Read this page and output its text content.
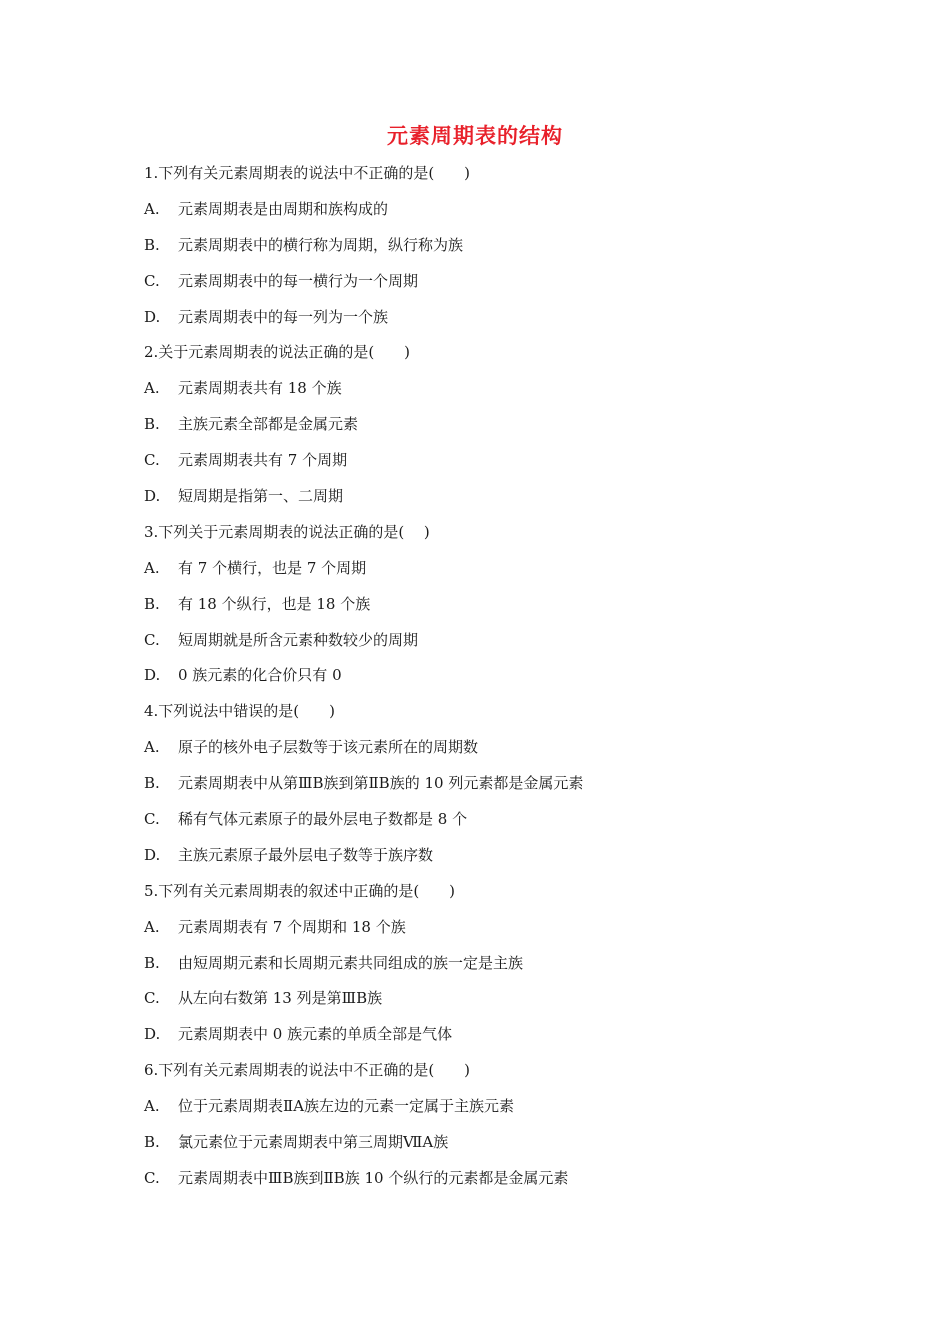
元素周期表的结构
1.下列有关元素周期表的说法中不正确的是(　　)
A. 元素周期表是由周期和族构成的
B. 元素周期表中的横行称为周期，纵行称为族
C. 元素周期表中的每一横行为一个周期
D. 元素周期表中的每一列为一个族
2.关于元素周期表的说法正确的是(　　)
A. 元素周期表共有 18 个族
B. 主族元素全部都是金属元素
C. 元素周期表共有 7 个周期
D. 短周期是指第一、二周期
3.下列关于元素周期表的说法正确的是(　 )
A. 有 7 个横行，也是 7 个周期
B. 有 18 个纵行，也是 18 个族
C. 短周期就是所含元素种数较少的周期
D. 0 族元素的化合价只有 0
4.下列说法中错误的是(　　)
A. 原子的核外电子层数等于该元素所在的周期数
B. 元素周期表中从第ⅢB族到第ⅡB族的 10 列元素都是金属元素
C. 稀有气体元素原子的最外层电子数都是 8 个
D. 主族元素原子最外层电子数等于族序数
5.下列有关元素周期表的叙述中正确的是(　　)
A. 元素周期表有 7 个周期和 18 个族
B. 由短周期元素和长周期元素共同组成的族一定是主族
C. 从左向右数第 13 列是第ⅢB族
D. 元素周期表中 0 族元素的单质全部是气体
6.下列有关元素周期表的说法中不正确的是(　　)
A. 位于元素周期表ⅡA族左边的元素一定属于主族元素
B. 氯元素位于元素周期表中第三周期ⅦA族
C. 元素周期表中ⅢB族到ⅡB族 10 个纵行的元素都是金属元素
